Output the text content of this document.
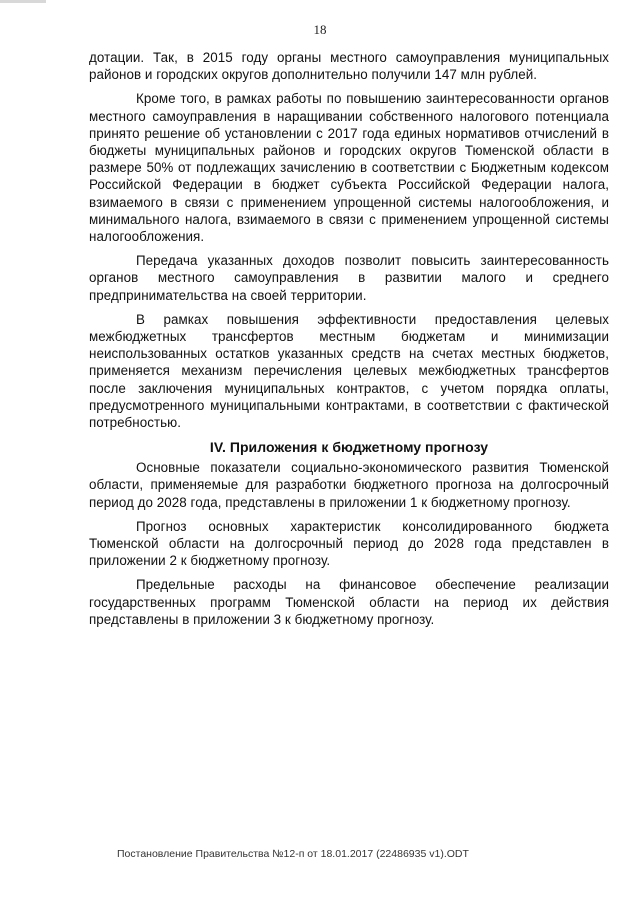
18

дотации. Так, в 2015 году органы местного самоуправления муниципальных районов и городских округов дополнительно получили 147 млн рублей.

Кроме того, в рамках работы по повышению заинтересованности органов местного самоуправления в наращивании собственного налогового потенциала принято решение об установлении с 2017 года единых нормативов отчислений в бюджеты муниципальных районов и городских округов Тюменской области в размере 50% от подлежащих зачислению в соответствии с Бюджетным кодексом Российской Федерации в бюджет субъекта Российской Федерации налога, взимаемого в связи с применением упрощенной системы налогообложения, и минимального налога, взимаемого в связи с применением упрощенной системы налогообложения.

Передача указанных доходов позволит повысить заинтересованность органов местного самоуправления в развитии малого и среднего предпринимательства на своей территории.

В рамках повышения эффективности предоставления целевых межбюджетных трансфертов местным бюджетам и минимизации неиспользованных остатков указанных средств на счетах местных бюджетов, применяется механизм перечисления целевых межбюджетных трансфертов после заключения муниципальных контрактов, с учетом порядка оплаты, предусмотренного муниципальными контрактами, в соответствии с фактической потребностью.

IV. Приложения к бюджетному прогнозу

Основные показатели социально-экономического развития Тюменской области, применяемые для разработки бюджетного прогноза на долгосрочный период до 2028 года, представлены в приложении 1 к бюджетному прогнозу.

Прогноз основных характеристик консолидированного бюджета Тюменской области на долгосрочный период до 2028 года представлен в приложении 2 к бюджетному прогнозу.

Предельные расходы на финансовое обеспечение реализации государственных программ Тюменской области на период их действия представлены в приложении 3 к бюджетному прогнозу.

Постановление Правительства №12-п от 18.01.2017 (22486935 v1).ODT
